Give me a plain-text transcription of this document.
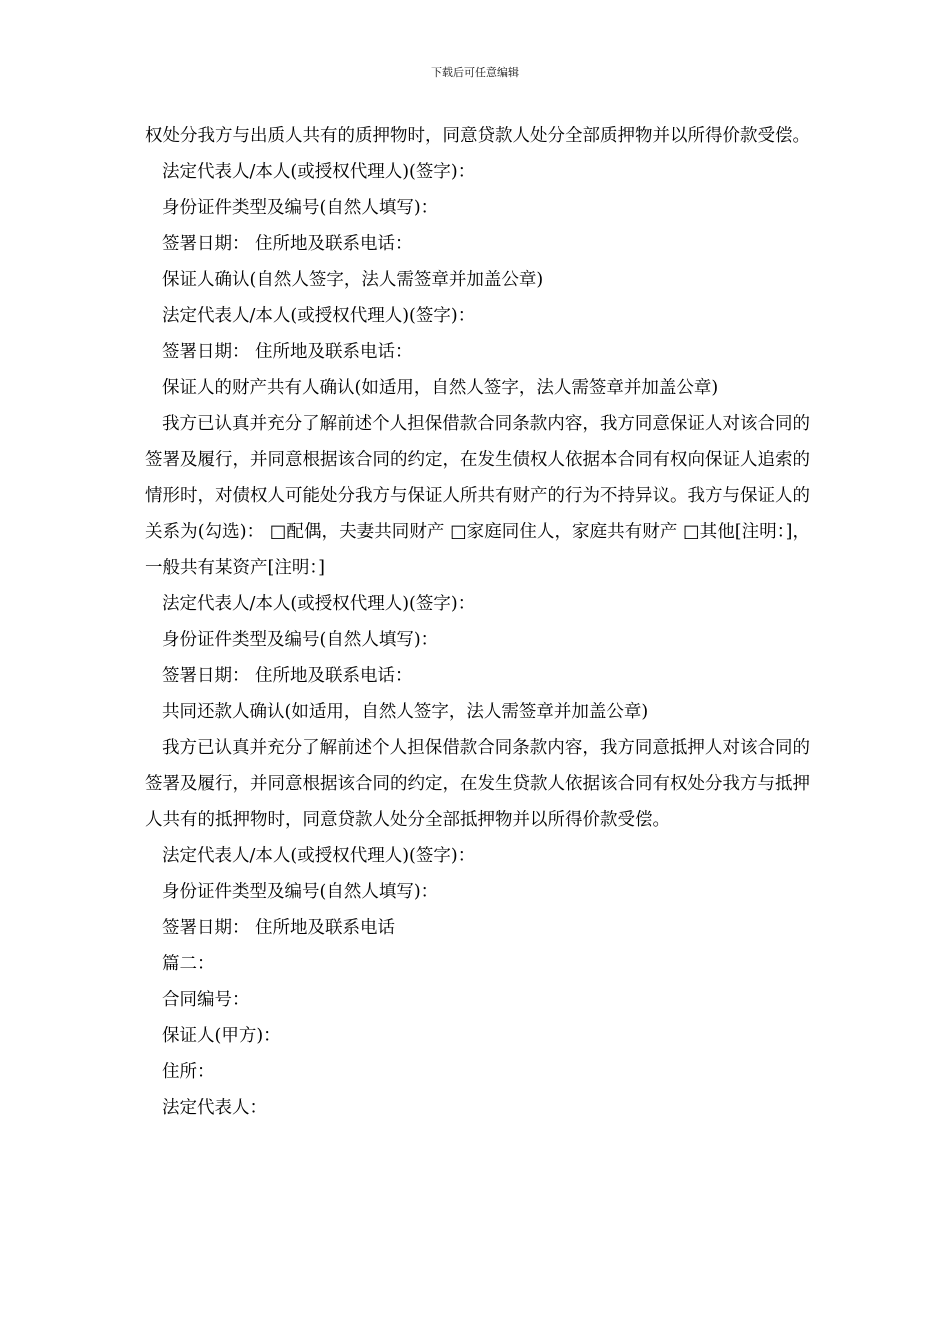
下载后可任意编辑

权处分我方与出质人共有的质押物时，同意贷款人处分全部质押物并以所得价款受偿。

法定代表人/本人(或授权代理人)(签字)：
身份证件类型及编号(自然人填写)：
签署日期： 住所地及联系电话：
保证人确认(自然人签字，法人需签章并加盖公章)
法定代表人/本人(或授权代理人)(签字)：
签署日期： 住所地及联系电话：
保证人的财产共有人确认(如适用，自然人签字，法人需签章并加盖公章)

我方已认真并充分了解前述个人担保借款合同条款内容，我方同意保证人对该合同的签署及履行，并同意根据该合同的约定，在发生债权人依据本合同有权向保证人追索的情形时，对债权人可能处分我方与保证人所共有财产的行为不持异议。我方与保证人的关系为(勾选)： □配偶，夫妻共同财产 □家庭同住人，家庭共有财产 □其他[注明：]，一般共有某资产[注明：]

法定代表人/本人(或授权代理人)(签字)：
身份证件类型及编号(自然人填写)：
签署日期： 住所地及联系电话：
共同还款人确认(如适用，自然人签字，法人需签章并加盖公章)

我方已认真并充分了解前述个人担保借款合同条款内容，我方同意抵押人对该合同的签署及履行，并同意根据该合同的约定，在发生贷款人依据该合同有权处分我方与抵押人共有的抵押物时，同意贷款人处分全部抵押物并以所得价款受偿。

法定代表人/本人(或授权代理人)(签字)：
身份证件类型及编号(自然人填写)：
签署日期： 住所地及联系电话
篇二：
合同编号：
保证人(甲方)：
住所：
法定代表人：
